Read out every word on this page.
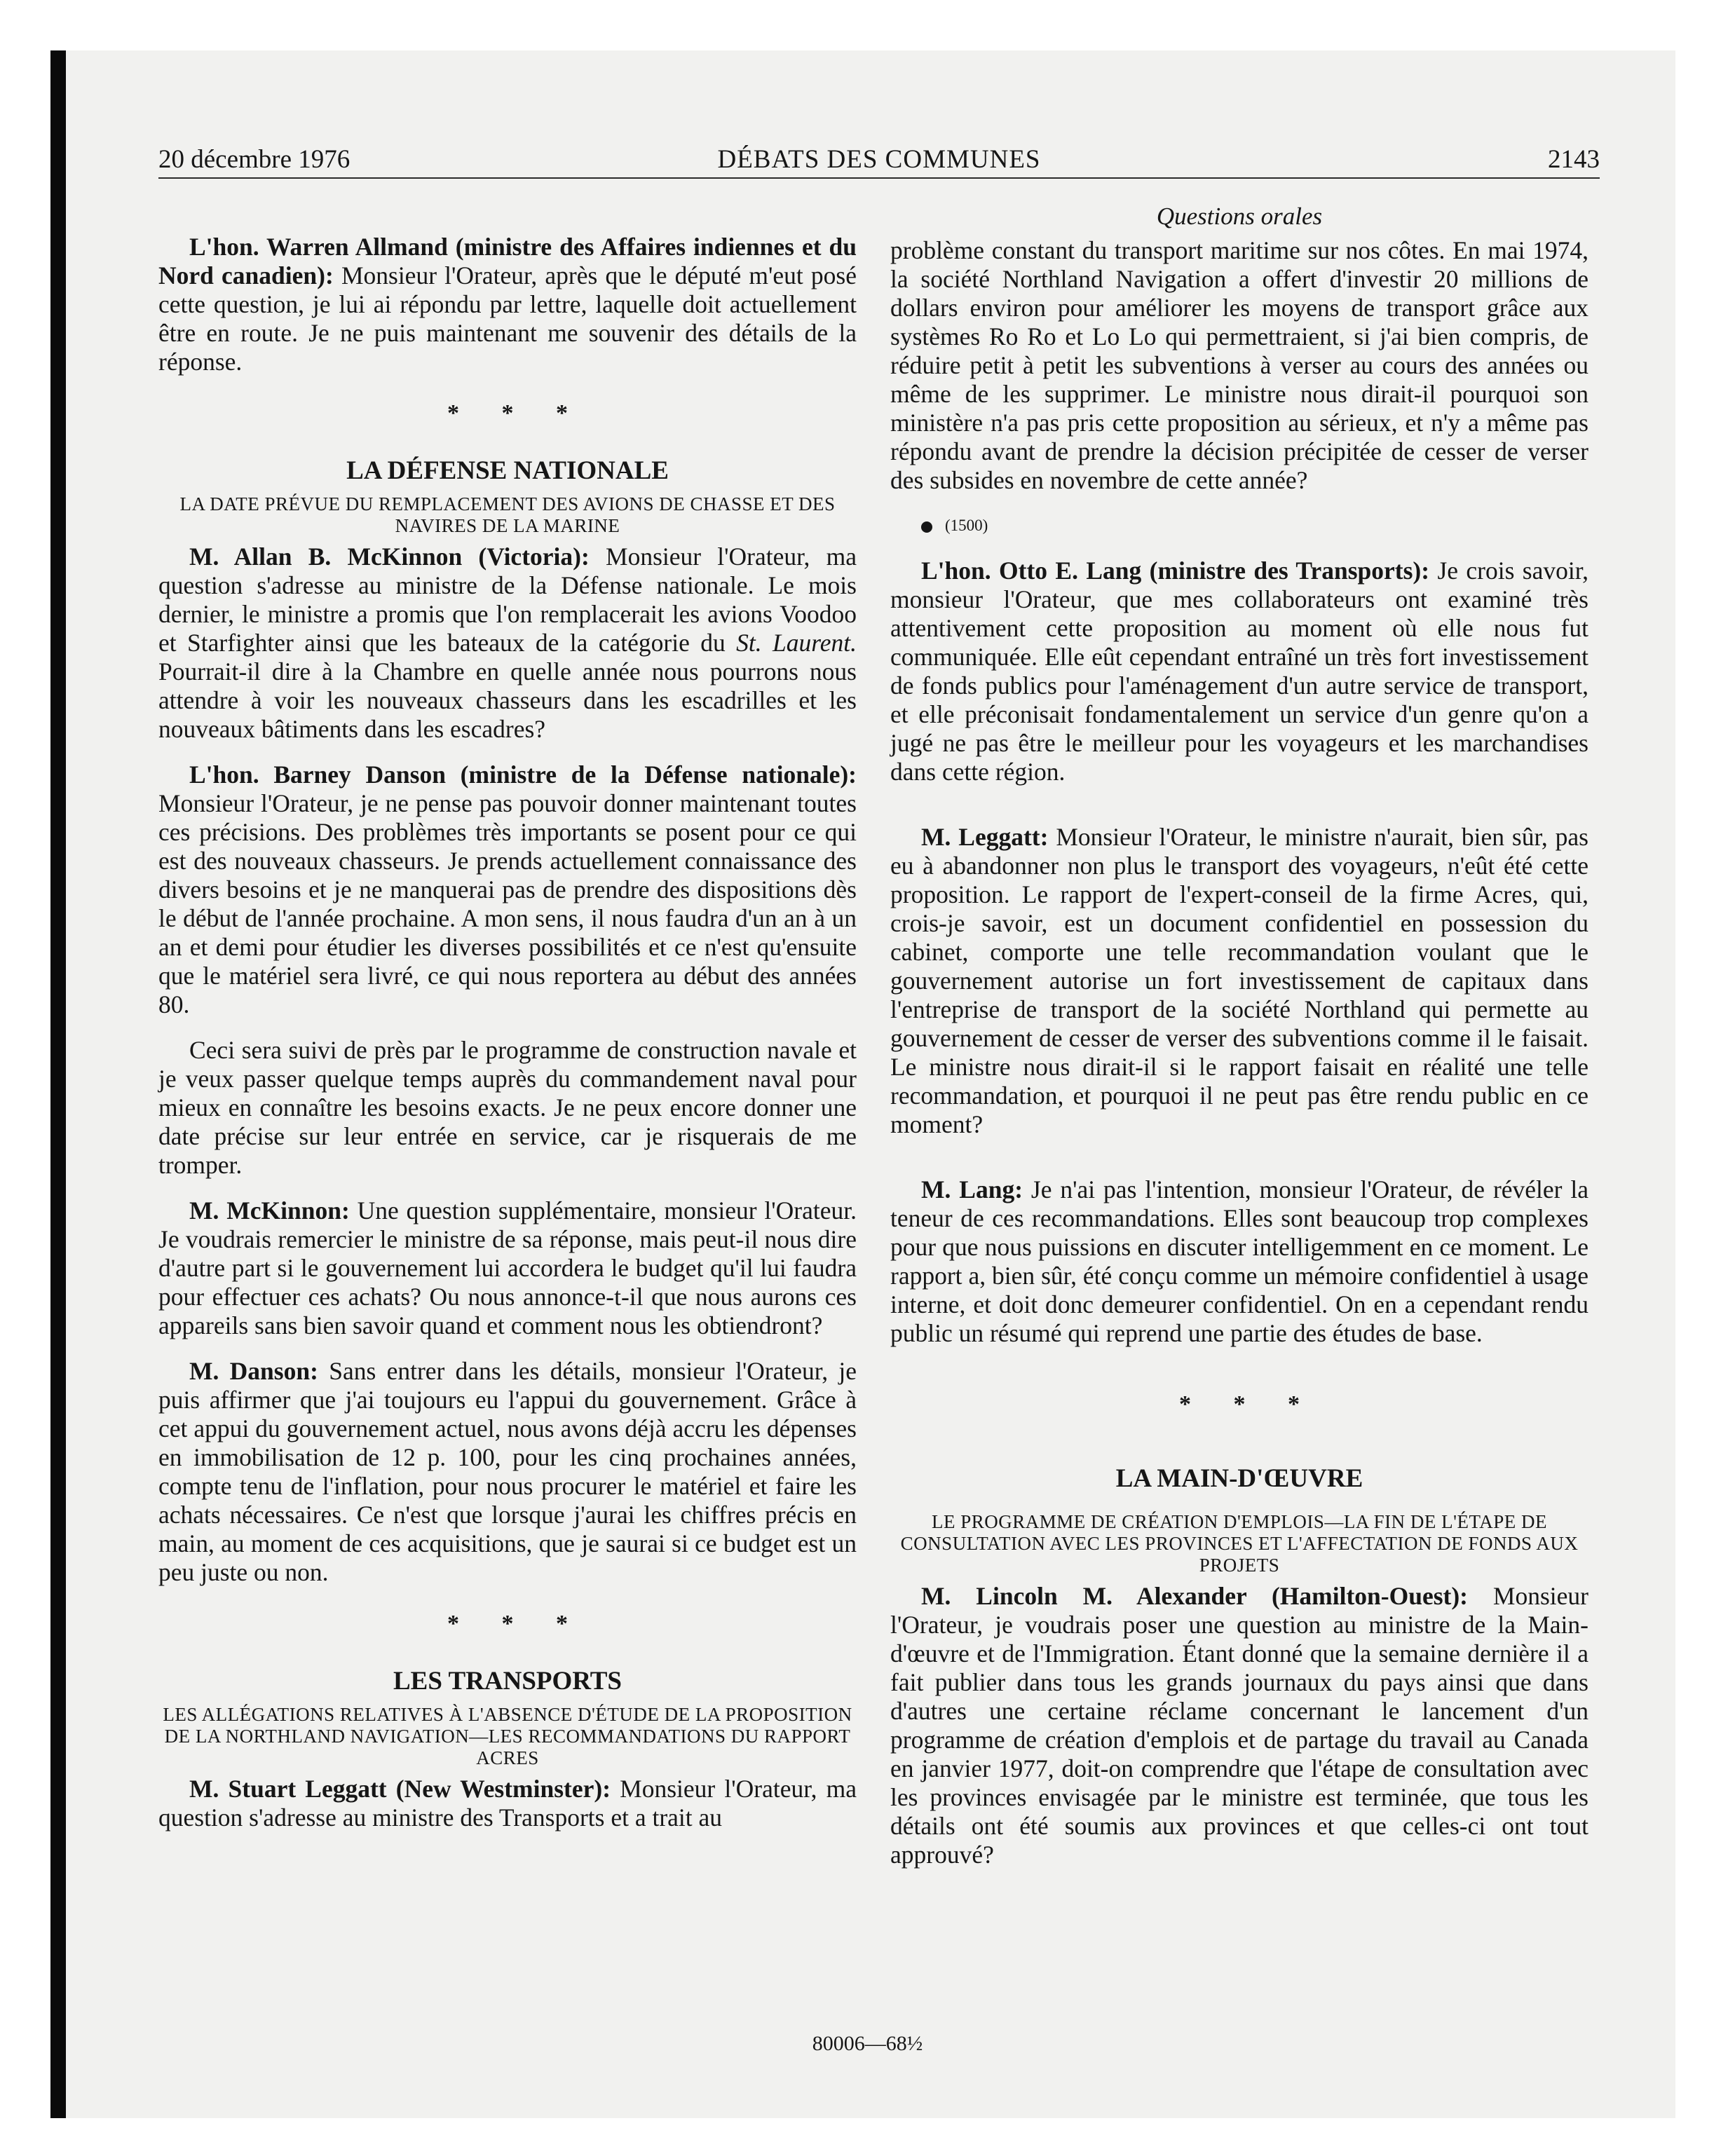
20 décembre 1976	DÉBATS DES COMMUNES	2143

L'hon. Warren Allmand (ministre des Affaires indiennes et du Nord canadien): Monsieur l'Orateur, après que le député m'eut posé cette question, je lui ai répondu par lettre, laquelle doit actuellement être en route. Je ne puis maintenant me souvenir des détails de la réponse.

* * *
LA DÉFENSE NATIONALE
LA DATE PRÉVUE DU REMPLACEMENT DES AVIONS DE CHASSE ET DES NAVIRES DE LA MARINE

M. Allan B. McKinnon (Victoria): Monsieur l'Orateur, ma question s'adresse au ministre de la Défense nationale. Le mois dernier, le ministre a promis que l'on remplacerait les avions Voodoo et Starfighter ainsi que les bateaux de la catégorie du St. Laurent. Pourrait-il dire à la Chambre en quelle année nous pourrons nous attendre à voir les nouveaux chasseurs dans les escadrilles et les nouveaux bâtiments dans les escadres?

L'hon. Barney Danson (ministre de la Défense nationale): Monsieur l'Orateur, je ne pense pas pouvoir donner maintenant toutes ces précisions. Des problèmes très importants se posent pour ce qui est des nouveaux chasseurs. Je prends actuellement connaissance des divers besoins et je ne manquerai pas de prendre des dispositions dès le début de l'année prochaine. A mon sens, il nous faudra d'un an à un an et demi pour étudier les diverses possibilités et ce n'est qu'ensuite que le matériel sera livré, ce qui nous reportera au début des années 80.

Ceci sera suivi de près par le programme de construction navale et je veux passer quelque temps auprès du commandement naval pour mieux en connaître les besoins exacts. Je ne peux encore donner une date précise sur leur entrée en service, car je risquerais de me tromper.

M. McKinnon: Une question supplémentaire, monsieur l'Orateur. Je voudrais remercier le ministre de sa réponse, mais peut-il nous dire d'autre part si le gouvernement lui accordera le budget qu'il lui faudra pour effectuer ces achats? Ou nous annonce-t-il que nous aurons ces appareils sans bien savoir quand et comment nous les obtiendront?

M. Danson: Sans entrer dans les détails, monsieur l'Orateur, je puis affirmer que j'ai toujours eu l'appui du gouvernement. Grâce à cet appui du gouvernement actuel, nous avons déjà accru les dépenses en immobilisation de 12 p. 100, pour les cinq prochaines années, compte tenu de l'inflation, pour nous procurer le matériel et faire les achats nécessaires. Ce n'est que lorsque j'aurai les chiffres précis en main, au moment de ces acquisitions, que je saurai si ce budget est un peu juste ou non.

* * *
LES TRANSPORTS
LES ALLÉGATIONS RELATIVES À L'ABSENCE D'ÉTUDE DE LA PROPOSITION DE LA NORTHLAND NAVIGATION—LES RECOMMANDATIONS DU RAPPORT ACRES

M. Stuart Leggatt (New Westminster): Monsieur l'Orateur, ma question s'adresse au ministre des Transports et a trait au

Questions orales

problème constant du transport maritime sur nos côtes. En mai 1974, la société Northland Navigation a offert d'investir 20 millions de dollars environ pour améliorer les moyens de transport grâce aux systèmes Ro Ro et Lo Lo qui permettraient, si j'ai bien compris, de réduire petit à petit les subventions à verser au cours des années ou même de les supprimer. Le ministre nous dirait-il pourquoi son ministère n'a pas pris cette proposition au sérieux, et n'y a même pas répondu avant de prendre la décision précipitée de cesser de verser des subsides en novembre de cette année?

(1500)

L'hon. Otto E. Lang (ministre des Transports): Je crois savoir, monsieur l'Orateur, que mes collaborateurs ont examiné très attentivement cette proposition au moment où elle nous fut communiquée. Elle eût cependant entraîné un très fort investissement de fonds publics pour l'aménagement d'un autre service de transport, et elle préconisait fondamentalement un service d'un genre qu'on a jugé ne pas être le meilleur pour les voyageurs et les marchandises dans cette région.

M. Leggatt: Monsieur l'Orateur, le ministre n'aurait, bien sûr, pas eu à abandonner non plus le transport des voyageurs, n'eût été cette proposition. Le rapport de l'expert-conseil de la firme Acres, qui, crois-je savoir, est un document confidentiel en possession du cabinet, comporte une telle recommandation voulant que le gouvernement autorise un fort investissement de capitaux dans l'entreprise de transport de la société Northland qui permette au gouvernement de cesser de verser des subventions comme il le faisait. Le ministre nous dirait-il si le rapport faisait en réalité une telle recommandation, et pourquoi il ne peut pas être rendu public en ce moment?

M. Lang: Je n'ai pas l'intention, monsieur l'Orateur, de révéler la teneur de ces recommandations. Elles sont beaucoup trop complexes pour que nous puissions en discuter intelligemment en ce moment. Le rapport a, bien sûr, été conçu comme un mémoire confidentiel à usage interne, et doit donc demeurer confidentiel. On en a cependant rendu public un résumé qui reprend une partie des études de base.

* * *
LA MAIN-D'ŒUVRE
LE PROGRAMME DE CRÉATION D'EMPLOIS—LA FIN DE L'ÉTAPE DE CONSULTATION AVEC LES PROVINCES ET L'AFFECTATION DE FONDS AUX PROJETS

M. Lincoln M. Alexander (Hamilton-Ouest): Monsieur l'Orateur, je voudrais poser une question au ministre de la Main-d'œuvre et de l'Immigration. Étant donné que la semaine dernière il a fait publier dans tous les grands journaux du pays ainsi que dans d'autres une certaine réclame concernant le lancement d'un programme de création d'emplois et de partage du travail au Canada en janvier 1977, doit-on comprendre que l'étape de consultation avec les provinces envisagée par le ministre est terminée, que tous les détails ont été soumis aux provinces et que celles-ci ont tout approuvé?

80006—68½
